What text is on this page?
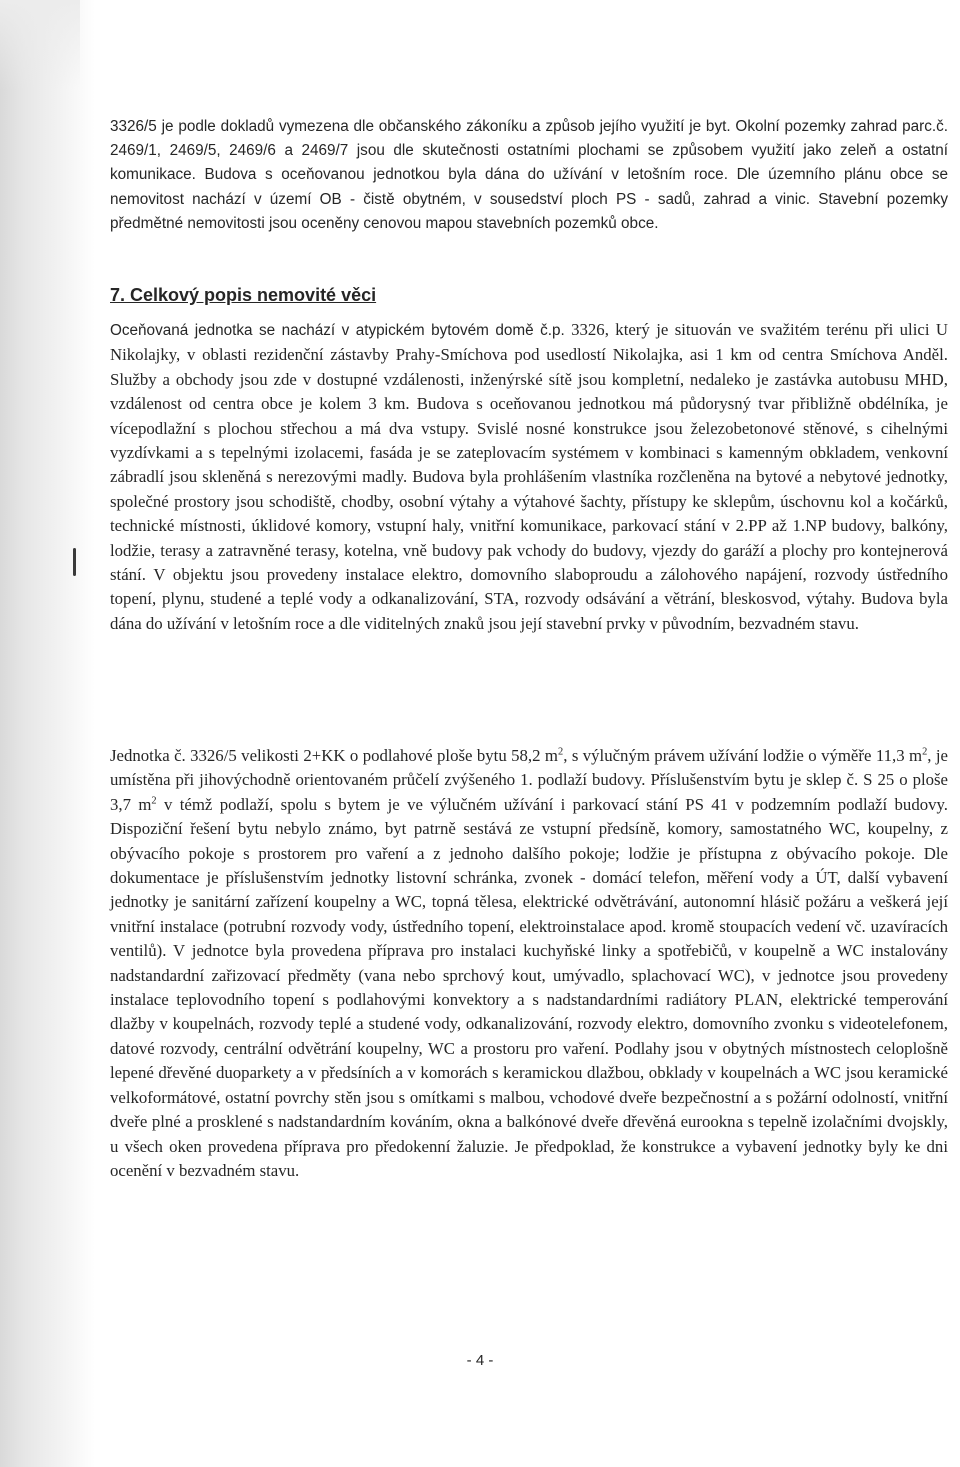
3326/5 je podle dokladů vymezena dle občanského zákoníku a způsob jejího využití je byt. Okolní pozemky zahrad parc.č. 2469/1, 2469/5, 2469/6 a 2469/7 jsou dle skutečnosti ostatními plochami se způsobem využití jako zeleň a ostatní komunikace. Budova s oceňovanou jednotkou byla dána do užívání v letošním roce. Dle územního plánu obce se nemovitost nachází v území OB - čistě obytném, v sousedství ploch PS - sadů, zahrad a vinic. Stavební pozemky předmětné nemovitosti jsou oceněny cenovou mapou stavebních pozemků obce.

7. Celkový popis nemovité věci

Oceňovaná jednotka se nachází v atypickém bytovém domě č.p. 3326, který je situován ve svažitém terénu při ulici U Nikolajky, v oblasti rezidenční zástavby Prahy-Smíchova pod usedlostí Nikolajka, asi 1 km od centra Smíchova Anděl. Služby a obchody jsou zde v dostupné vzdálenosti, inženýrské sítě jsou kompletní, nedaleko je zastávka autobusu MHD, vzdálenost od centra obce je kolem 3 km. Budova s oceňovanou jednotkou má půdorysný tvar přibližně obdélníka, je vícepodlažní s plochou střechou a má dva vstupy. Svislé nosné konstrukce jsou železobetonové stěnové, s cihelnými vyzdívkami a s tepelnými izolacemi, fasáda je se zateplovacím systémem v kombinaci s kamenným obkladem, venkovní zábradlí jsou skleněná s nerezovými madly. Budova byla prohlášením vlastníka rozčleněna na bytové a nebytové jednotky, společné prostory jsou schodiště, chodby, osobní výtahy a výtahové šachty, přístupy ke sklepům, úschovnu kol a kočárků, technické místnosti, úklidové komory, vstupní haly, vnitřní komunikace, parkovací stání v 2.PP až 1.NP budovy, balkóny, lodžie, terasy a zatravněné terasy, kotelna, vně budovy pak vchody do budovy, vjezdy do garáží a plochy pro kontejnerová stání. V objektu jsou provedeny instalace elektro, domovního slaboproudu a zálohového napájení, rozvody ústředního topení, plynu, studené a teplé vody a odkanalizování, STA, rozvody odsávání a větrání, bleskosvod, výtahy. Budova byla dána do užívání v letošním roce a dle viditelných znaků jsou její stavební prvky v původním, bezvadném stavu.

Jednotka č. 3326/5 velikosti 2+KK o podlahové ploše bytu 58,2 $m^2$, s výlučným právem užívání lodžie o výměře 11,3 $m^2$, je umístěna při jihovýchodně orientovaném průčelí zvýšeného 1. podlaží budovy. Příslušenstvím bytu je sklep č. S 25 o ploše 3,7 $m^2$ v témž podlaží, spolu s bytem je ve výlučném užívání i parkovací stání PS 41 v podzemním podlaží budovy. Dispoziční řešení bytu nebylo známo, byt patrně sestává ze vstupní předsíně, komory, samostatného WC, koupelny, z obývacího pokoje s prostorem pro vaření a z jednoho dalšího pokoje; lodžie je přístupna z obývacího pokoje. Dle dokumentace je příslušenstvím jednotky listovní schránka, zvonek - domácí telefon, měření vody a ÚT, další vybavení jednotky je sanitární zařízení koupelny a WC, topná tělesa, elektrické odvětrávání, autonomní hlásič požáru a veškerá její vnitřní instalace (potrubní rozvody vody, ústředního topení, elektroinstalace apod. kromě stoupacích vedení vč. uzavíracích ventilů). V jednotce byla provedena příprava pro instalaci kuchyňské linky a spotřebičů, v koupelně a WC instalovány nadstandardní zařizovací předměty (vana nebo sprchový kout, umývadlo, splachovací WC), v jednotce jsou provedeny instalace teplovodního topení s podlahovými konvektory a s nadstandardními radiátory PLAN, elektrické temperování dlažby v koupelnách, rozvody teplé a studené vody, odkanalizování, rozvody elektro, domovního zvonku s videotelefonem, datové rozvody, centrální odvětrání koupelny, WC a prostoru pro vaření. Podlahy jsou v obytných místnostech celoplošně lepené dřevěné duoparkety a v předsíních a v komorách s keramickou dlažbou, obklady v koupelnách a WC jsou keramické velkoformátové, ostatní povrchy stěn jsou s omítkami s malbou, vchodové dveře bezpečnostní a s požární odolností, vnitřní dveře plné a prosklené s nadstandardním kováním, okna a balkónové dveře dřevěná eurookna s tepelně izolačními dvojskly, u všech oken provedena příprava pro předokenní žaluzie. Je předpoklad, že konstrukce a vybavení jednotky byly ke dni ocenění v bezvadném stavu.

- 4 -
